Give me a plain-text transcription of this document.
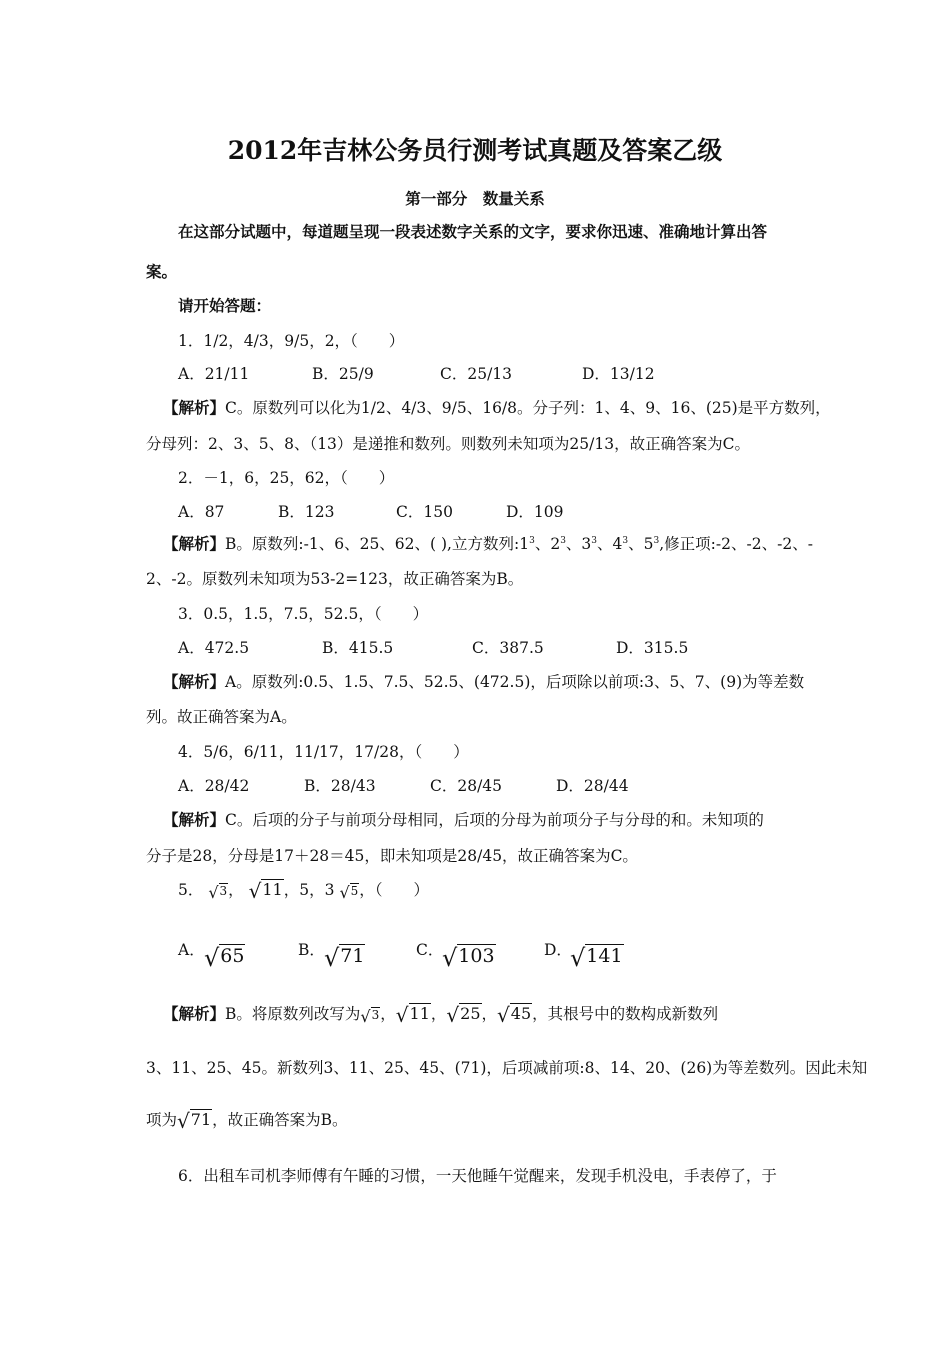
2012年吉林公务员行测考试真题及答案乙级
第一部分　数量关系
在这部分试题中，每道题呈现一段表述数字关系的文字，要求你迅速、准确地计算出答
案。
请开始答题：
1．1/2，4/3，9/5，2，（　　）
A．21/11	B．25/9	C．25/13	D．13/12
【解析】C。原数列可以化为1/2、4/3、9/5、16/8。分子列：1、4、9、16、(25)是平方数列，
分母列：2、3、5、8、（13）是递推和数列。则数列未知项为25/13，故正确答案为C。
2．－1，6，25，62，（　　）
A．87	B．123	C．150	D．109
【解析】B。原数列:-1、6、25、62、( ),立方数列$:1^3$、$2^3$、$3^3$、$4^3$、$5^3$,修正项:-2、-2、-2、-
2、-2。原数列未知项为53-2=123，故正确答案为B。
3．0.5，1.5，7.5，52.5，（　　）
A．472.5	B．415.5	C．387.5	D．315.5
【解析】A。原数列:0.5、1.5、7.5、52.5、(472.5)，后项除以前项:3、5、7、(9)为等差数
列。故正确答案为A。
4．5/6，6/11，11/17，17/28，（　　）
A．28/42	B．28/43	C．28/45	D．28/44
【解析】C。后项的分子与前项分母相同，后项的分母为前项分子与分母的和。未知项的
分子是28，分母是17＋28＝45，即未知项是28/45，故正确答案为C。
5． √3， √11，5，3 √5，（　　）
A． √65	B． √71	C．
√103	D．
√141
【解析】B。将原数列改写为√3，√11，√25，√45，其根号中的数构成新数列
3、11、25、45。新数列3、11、25、45、(71)，后项减前项:8、14、20、(26)为等差数列。因此未知
项为√71，故正确答案为B。
6．出租车司机李师傅有午睡的习惯，一天他睡午觉醒来，发现手机没电，手表停了，于
